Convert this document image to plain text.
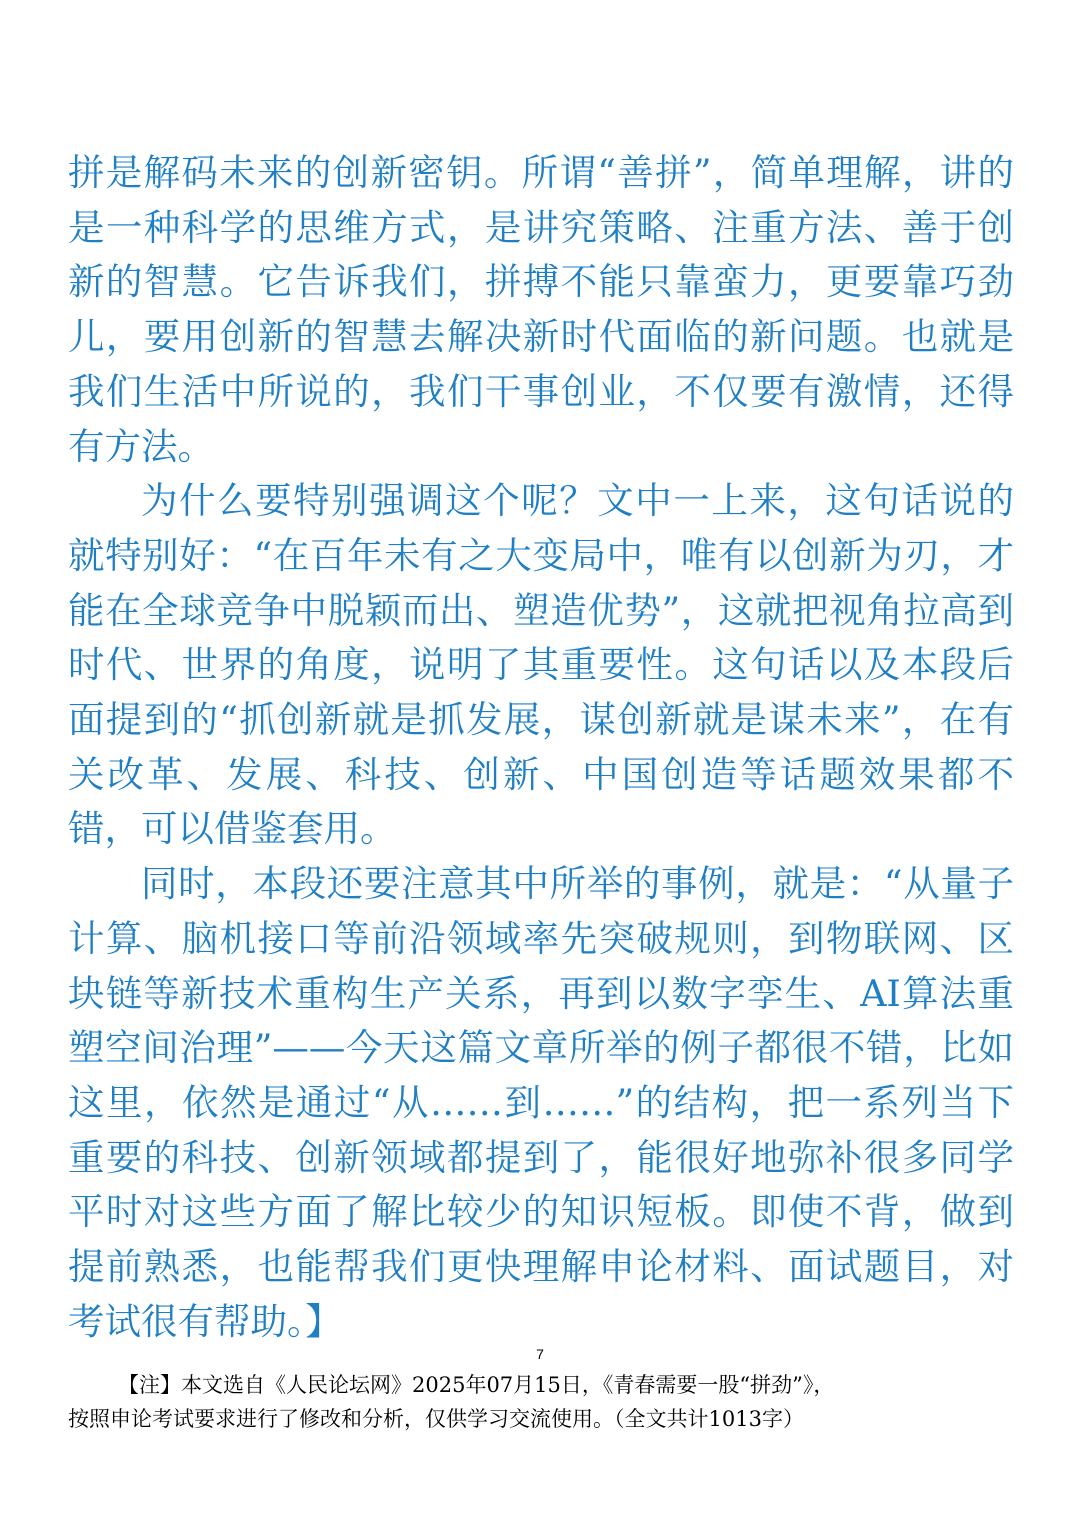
拼是解码未来的创新密钥。所谓“善拼”，简单理解，讲的是一种科学的思维方式，是讲究策略、注重方法、善于创新的智慧。它告诉我们，拼搏不能只靠蛮力，更要靠巧劲儿，要用创新的智慧去解决新时代面临的新问题。也就是我们生活中所说的，我们干事创业，不仅要有激情，还得有方法。

为什么要特别强调这个呢？文中一上来，这句话说的就特别好：“在百年未有之大变局中，唯有以创新为刃，才能在全球竞争中脱颖而出、塑造优势”，这就把视角拉高到时代、世界的角度，说明了其重要性。这句话以及本段后面提到的“抓创新就是抓发展，谋创新就是谋未来”，在有关改革、发展、科技、创新、中国创造等话题效果都不错，可以借鉴套用。

同时，本段还要注意其中所举的事例，就是：“从量子计算、脑机接口等前沿领域率先突破规则，到物联网、区块链等新技术重构生产关系，再到以数字孪生、AI算法重塑空间治理”——今天这篇文章所举的例子都很不错，比如这里，依然是通过“从……到……”的结构，把一系列当下重要的科技、创新领域都提到了，能很好地弥补很多同学平时对这些方面了解比较少的知识短板。即使不背，做到提前熟悉，也能帮我们更快理解申论材料、面试题目，对考试很有帮助。】

7
【注】本文选自《人民论坛网》2025年07月15日，《青春需要一股“拼劲”》，
按照申论考试要求进行了修改和分析，仅供学习交流使用。（全文共计1013字）
